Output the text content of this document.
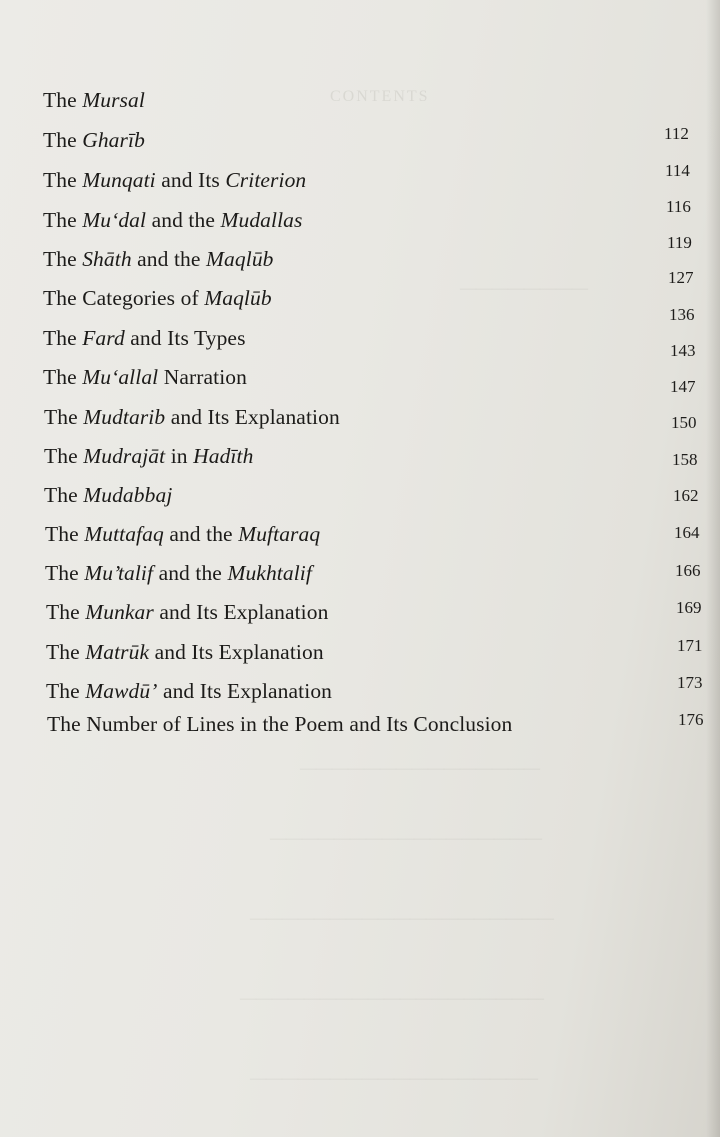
CONTENTS
————————
———————————————
—————————————————
———————————————————
———————————————————
——————————————————
The Mursal
The Gharīb
The Munqati and Its Criterion
The Mu‘dal and the Mudallas
The Shāth and the Maqlūb
The Categories of Maqlūb
The Fard and Its Types
The Mu‘allal Narration
The Mudtarib and Its Explanation
The Mudrajāt in Hadīth
The Mudabbaj
The Muttafaq and the Muftaraq
The Mu’talif and the Mukhtalif
The Munkar and Its Explanation
The Matrūk and Its Explanation
The Mawdū’ and Its Explanation
The Number of Lines in the Poem and Its Conclusion
112
114
116
119
127
136
143
147
150
158
162
164
166
169
171
173
176
